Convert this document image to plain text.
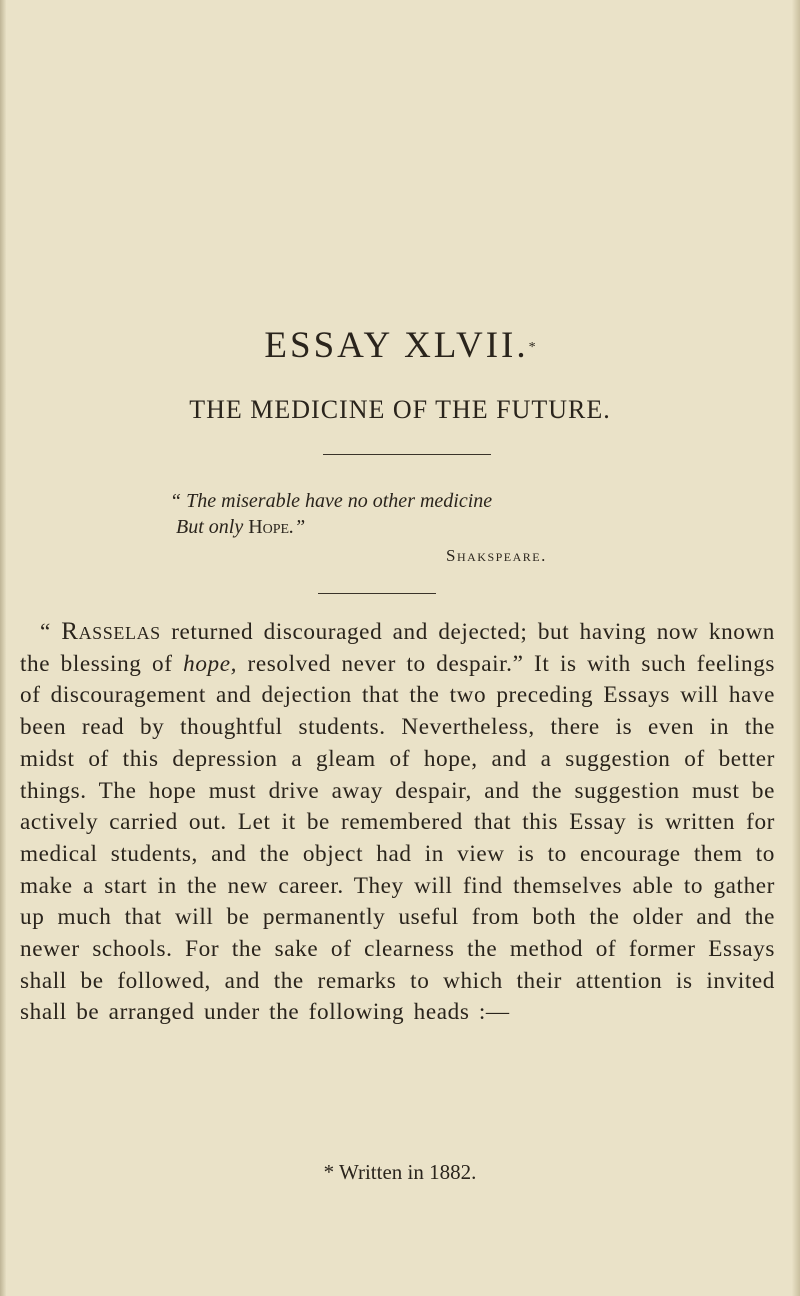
ESSAY XLVII.*
THE MEDICINE OF THE FUTURE.
“ The miserable have no other medicine
But only Hope.”
Shakspeare.
“ Rasselas returned discouraged and dejected; but having now known the blessing of hope, resolved never to despair.” It is with such feelings of discouragement and dejection that the two preceding Essays will have been read by thoughtful students. Nevertheless, there is even in the midst of this depression a gleam of hope, and a suggestion of better things. The hope must drive away despair, and the suggestion must be actively carried out. Let it be remembered that this Essay is written for medical students, and the object had in view is to encourage them to make a start in the new career. They will find themselves able to gather up much that will be permanently useful from both the older and the newer schools. For the sake of clearness the method of former Essays shall be followed, and the remarks to which their attention is invited shall be arranged under the following heads :—
* Written in 1882.
